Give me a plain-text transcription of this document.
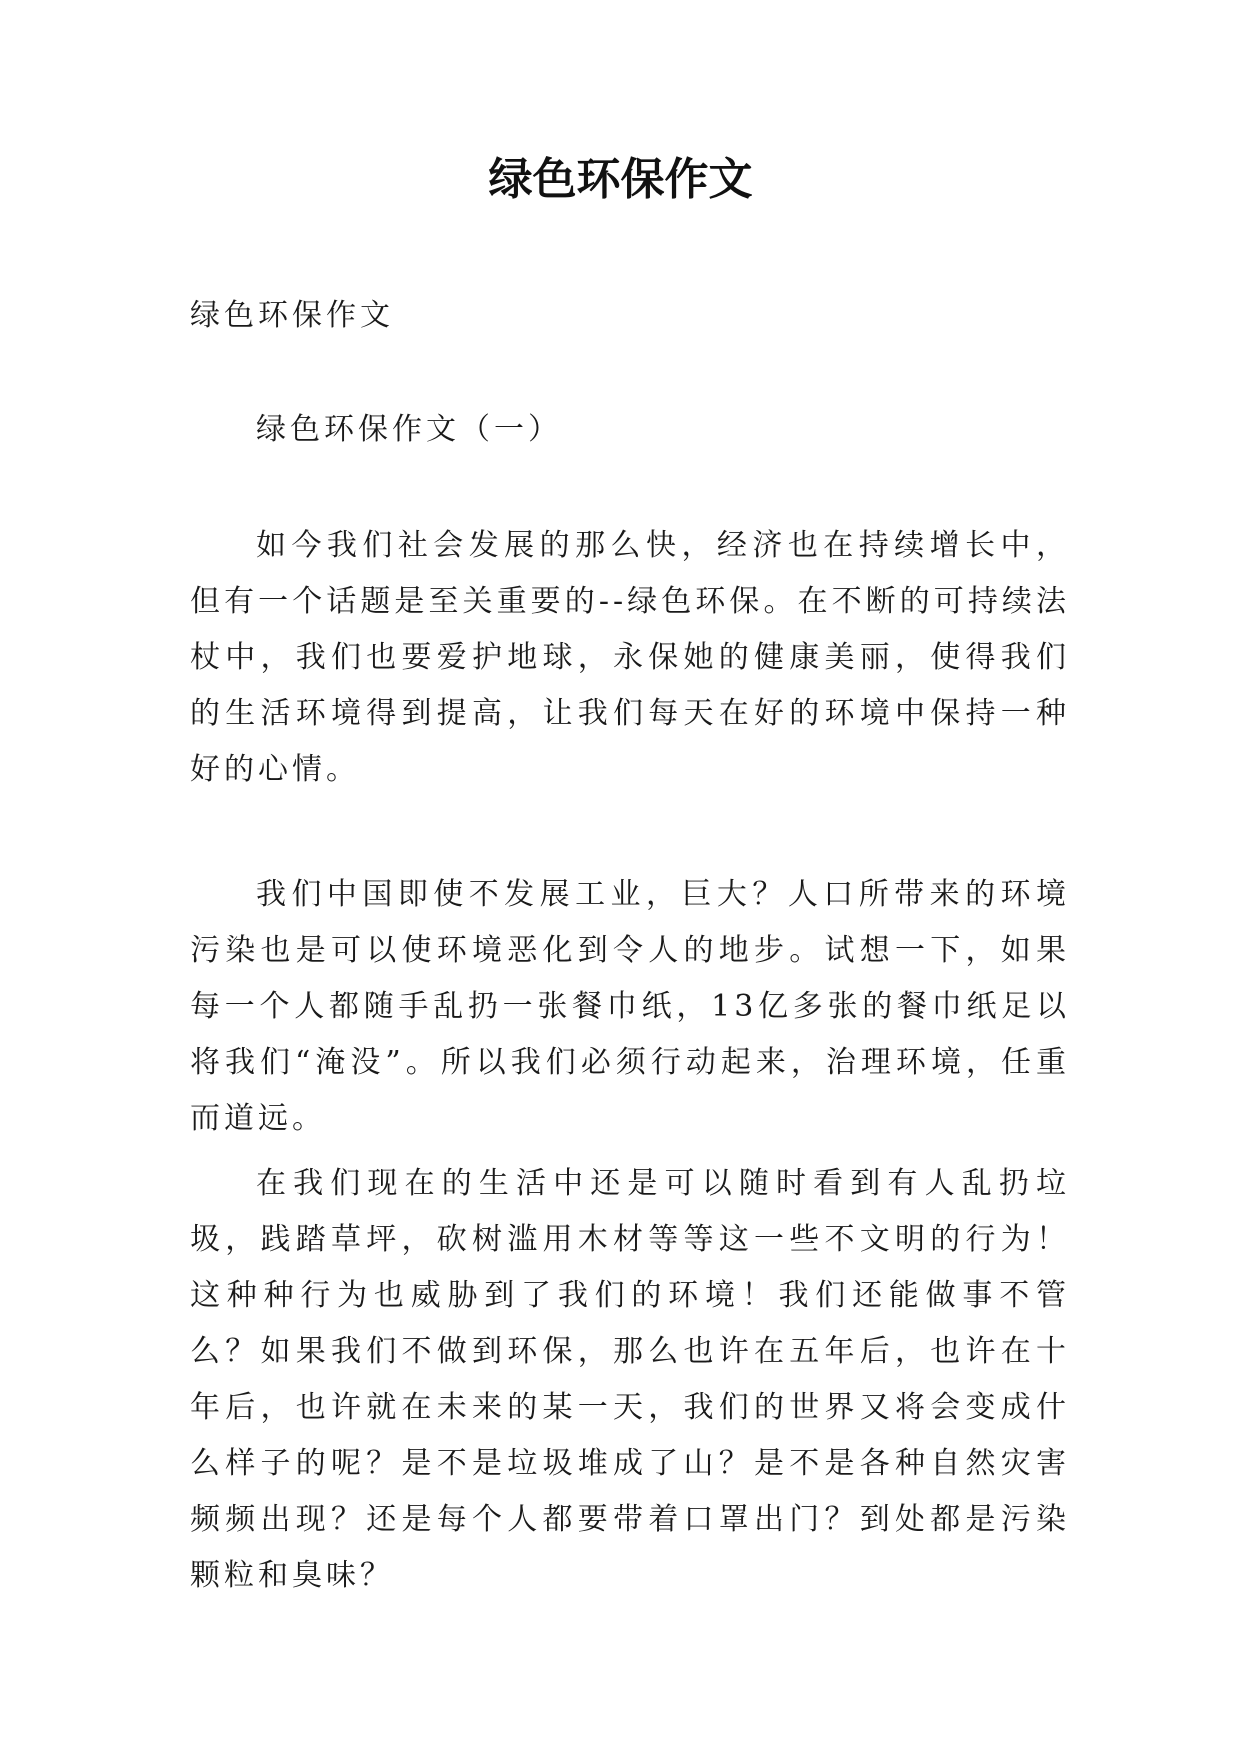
绿色环保作文

绿色环保作文

绿色环保作文（一）

如今我们社会发展的那么快，经济也在持续增长中，但有一个话题是至关重要的--绿色环保。在不断的可持续法杖中，我们也要爱护地球，永保她的健康美丽，使得我们的生活环境得到提高，让我们每天在好的环境中保持一种好的心情。

我们中国即使不发展工业，巨大？人口所带来的环境污染也是可以使环境恶化到令人的地步。试想一下，如果每一个人都随手乱扔一张餐巾纸，13亿多张的餐巾纸足以将我们“淹没”。所以我们必须行动起来，治理环境，任重而道远。

在我们现在的生活中还是可以随时看到有人乱扔垃圾，践踏草坪，砍树滥用木材等等这一些不文明的行为！这种种行为也威胁到了我们的环境！我们还能做事不管么？如果我们不做到环保，那么也许在五年后，也许在十年后，也许就在未来的某一天，我们的世界又将会变成什么样子的呢？是不是垃圾堆成了山？是不是各种自然灾害频频出现？还是每个人都要带着口罩出门？到处都是污染颗粒和臭味？
